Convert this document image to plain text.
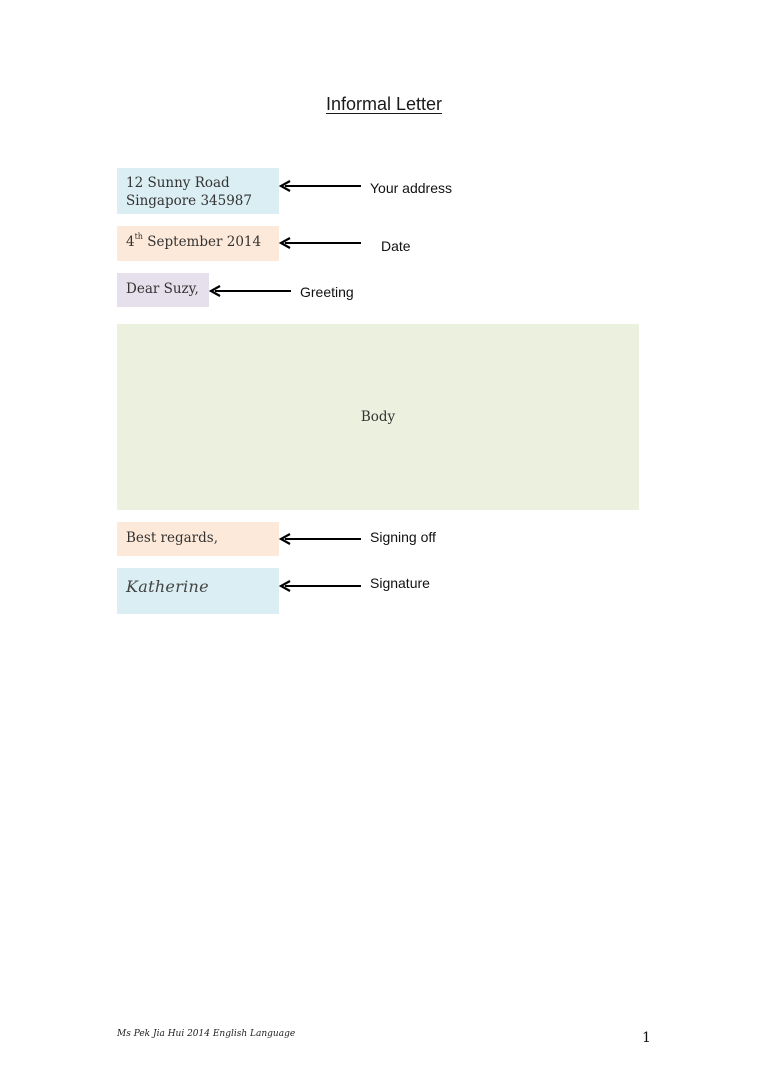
Informal Letter
12 Sunny Road
Singapore 345987
Your address
4th September 2014	Date
Dear Suzy,	Greeting
Body
Best regards,	Signing off
Katherine	Signature
Ms Pek Jia Hui 2014 English Language	1
